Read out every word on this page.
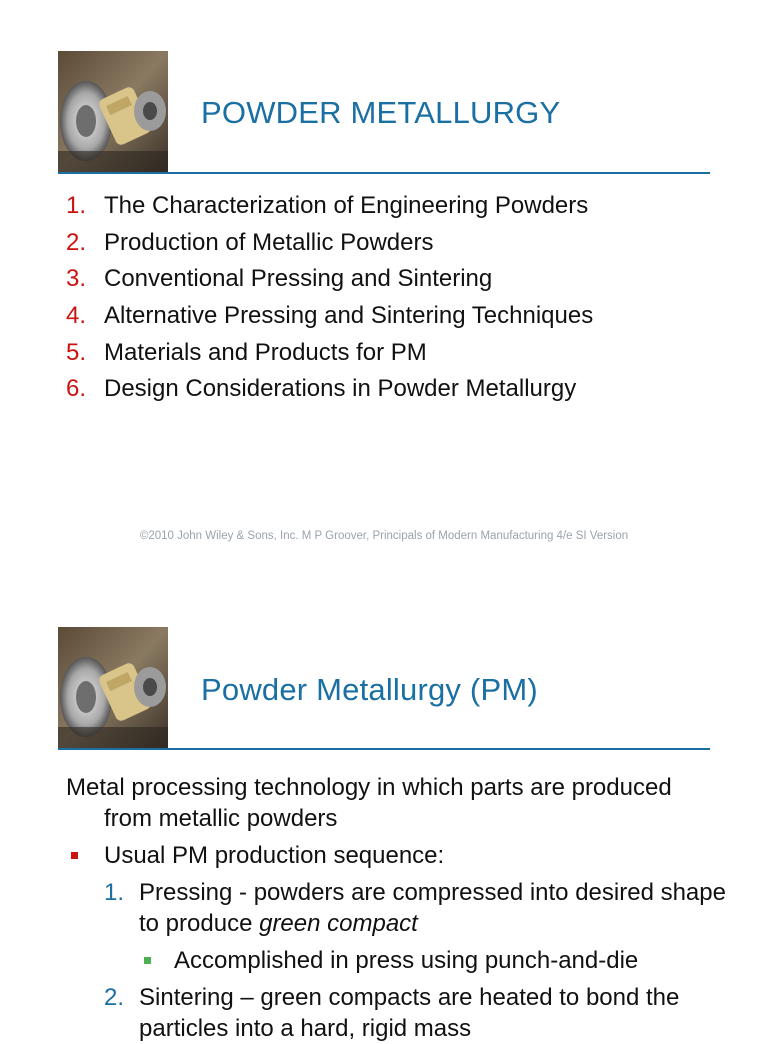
POWDER METALLURGY
1. The Characterization of Engineering Powders
2. Production of Metallic Powders
3. Conventional Pressing and Sintering
4. Alternative Pressing and Sintering Techniques
5. Materials and Products for PM
6. Design Considerations in Powder Metallurgy
©2010 John Wiley & Sons, Inc. M P Groover, Principals of Modern Manufacturing 4/e SI Version
Powder Metallurgy (PM)

Metal processing technology in which parts are produced from metallic powders

Usual PM production sequence:
1. Pressing - powders are compressed into desired shape to produce green compact
Accomplished in press using punch-and-die
2. Sintering – green compacts are heated to bond the particles into a hard, rigid mass
